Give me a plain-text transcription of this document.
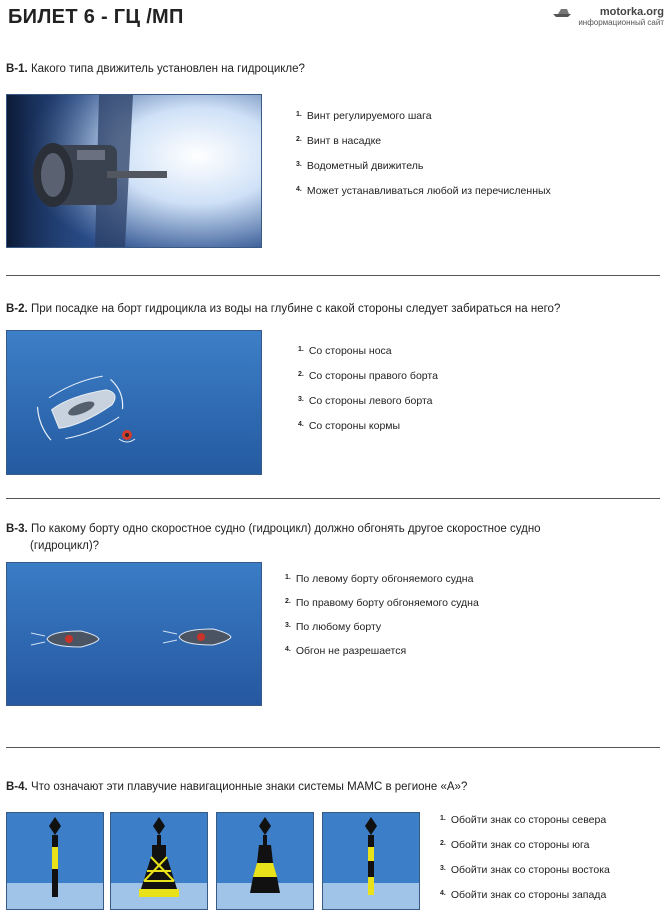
БИЛЕТ 6 - ГЦ /МП	motorka.org
информационный сайт
В-1. Какого типа движитель установлен на гидроцикле?
1. Винт регулируемого шага
2. Винт в насадке
3. Водометный движитель
4. Может устанавливаться любой из перечисленных
В-2. При посадке на борт гидроцикла из воды на глубине с какой стороны следует забираться на него?
1. Со стороны носа
2. Со стороны правого борта
3. Со стороны левого борта
4. Со стороны кормы
В-3. По какому борту одно скоростное судно (гидроцикл) должно обгонять другое скоростное судно
(гидроцикл)?
1. По левому борту обгоняемого судна
2. По правому борту обгоняемого судна
3. По любому борту
4. Обгон не разрешается
В-4. Что означают эти плавучие навигационные знаки системы МАМС в регионе «А»?
1. Обойти знак со стороны севера
2. Обойти знак со стороны юга
3. Обойти знак со стороны востока
4. Обойти знак со стороны запада
